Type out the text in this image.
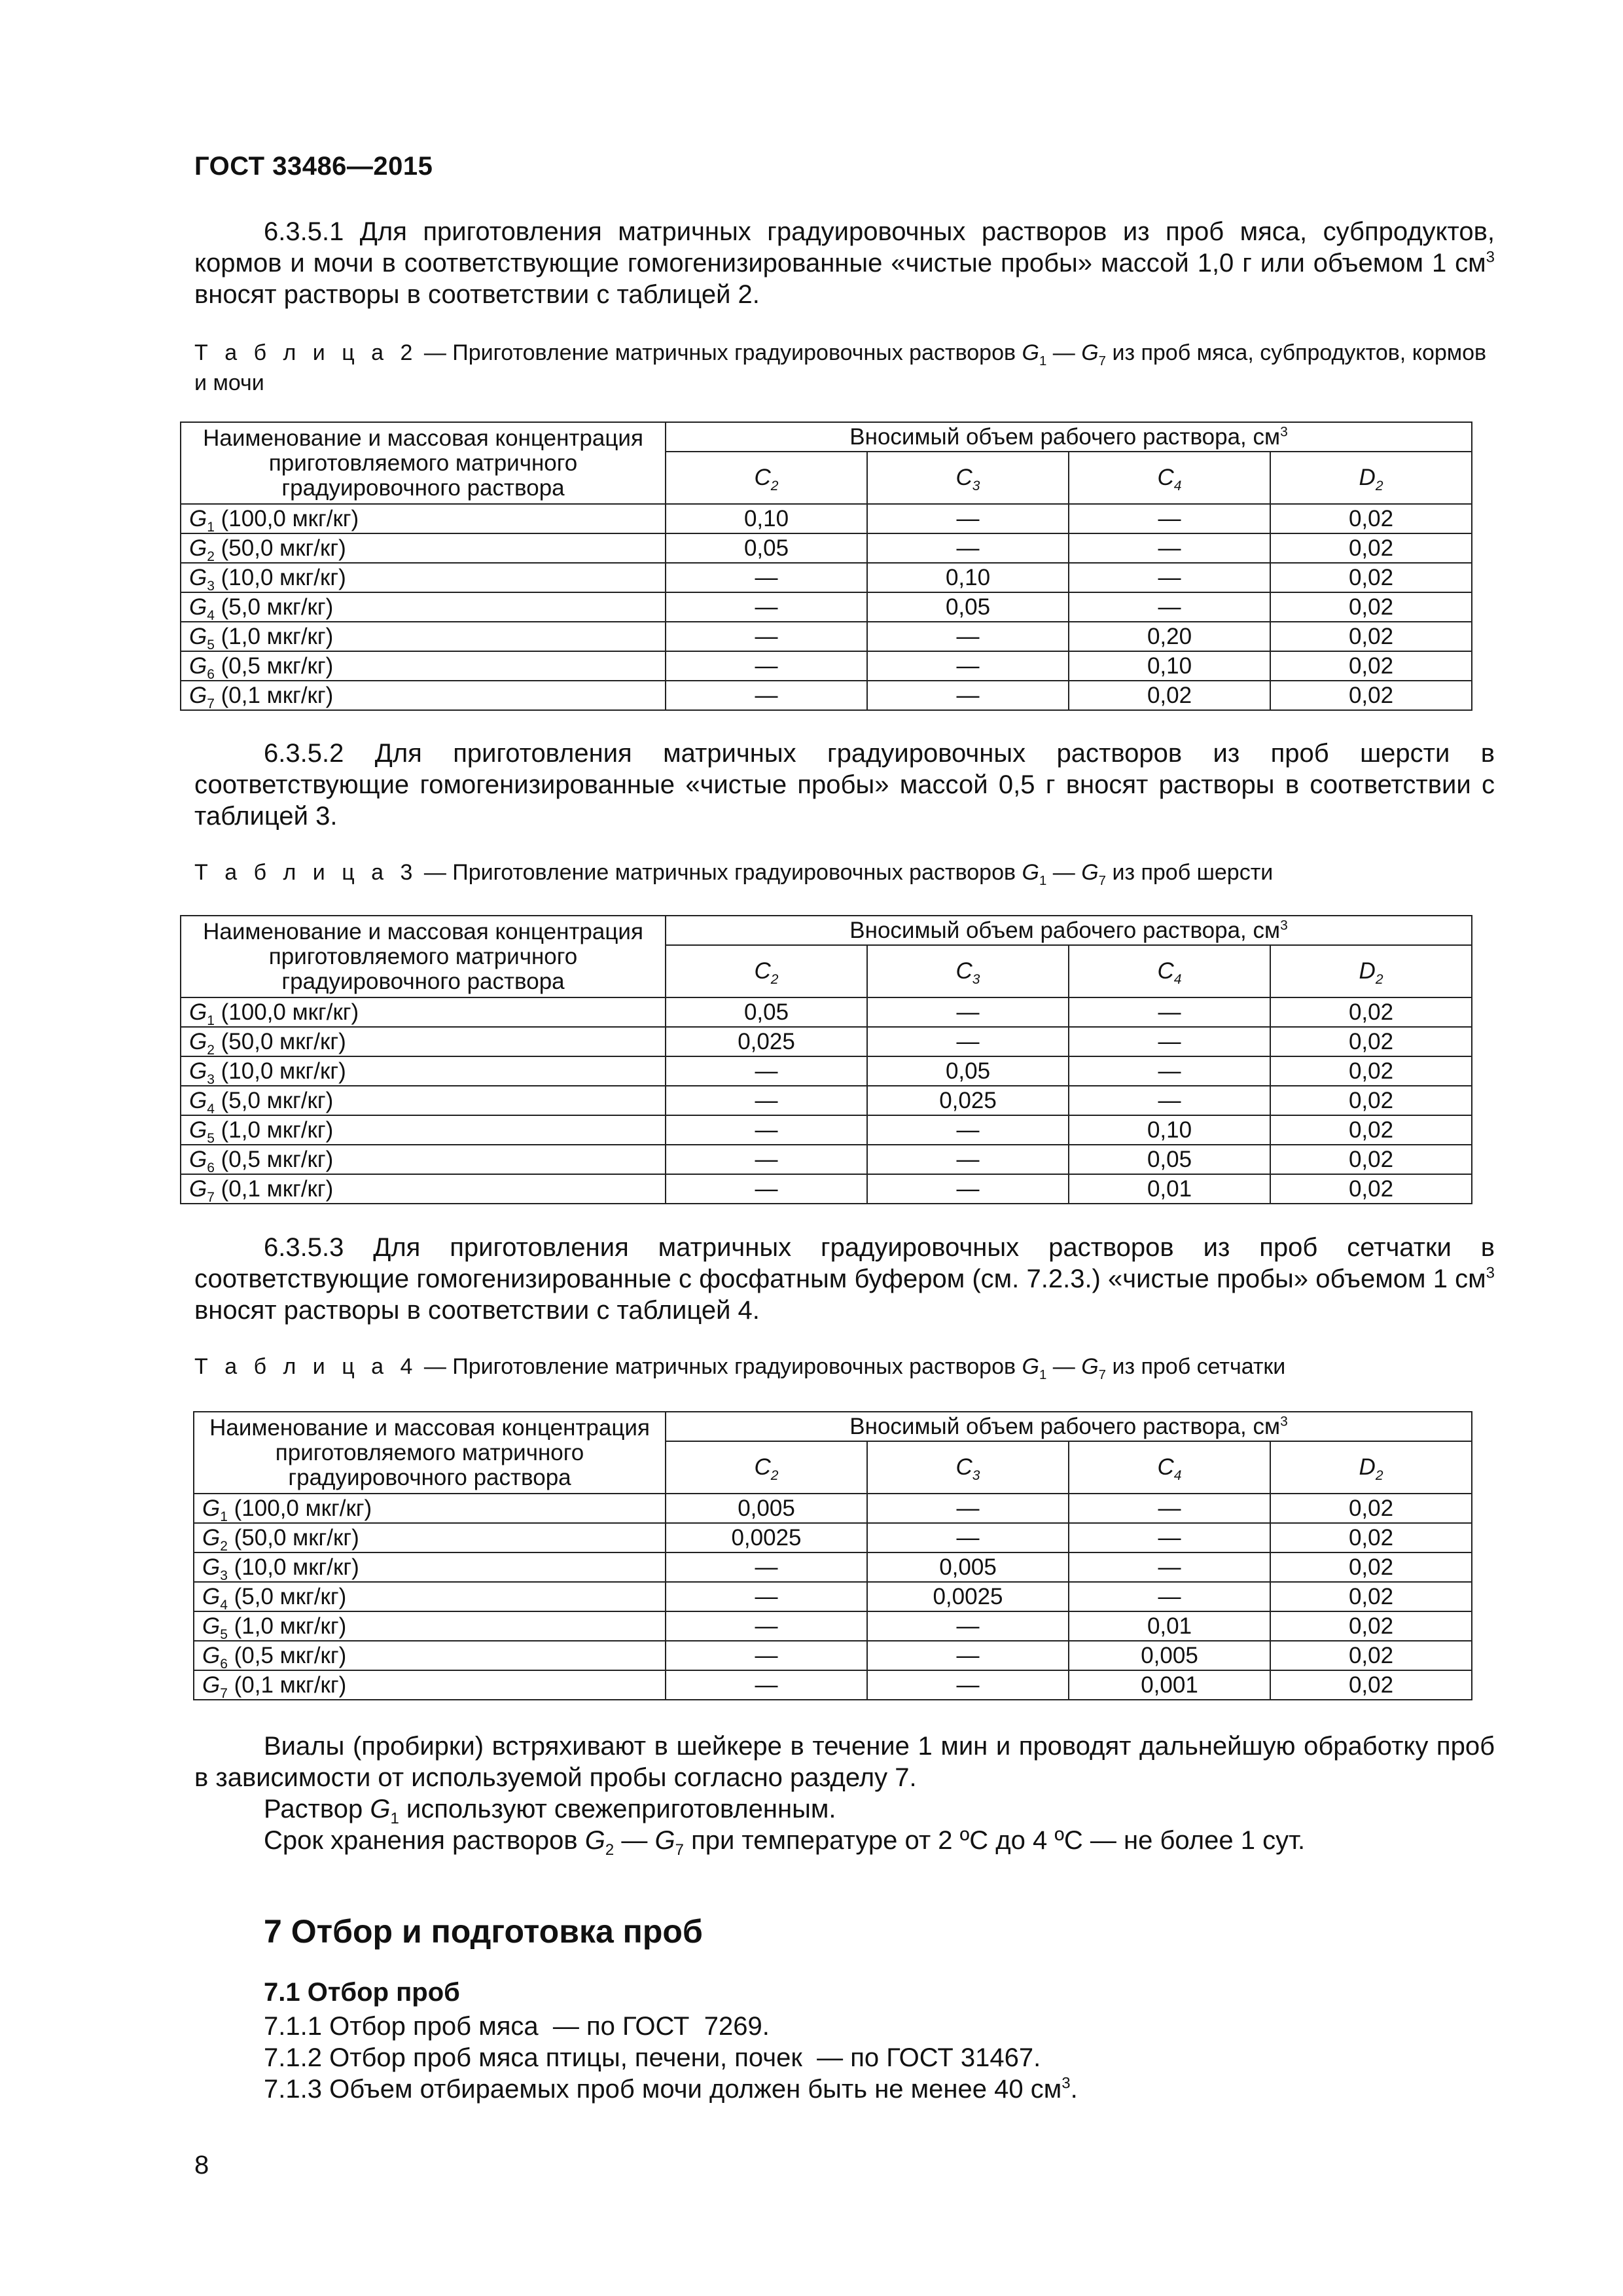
ГОСТ 33486—2015
6.3.5.1 Для приготовления матричных градуировочных растворов из проб мяса, субпродуктов, кормов и мочи в соответствующие гомогенизированные «чистые пробы» массой 1,0 г или объемом 1 $см^3$ вносят растворы в соответствии с таблицей 2.
Т а б л и ц а 2 — Приготовление матричных градуировочных растворов $G_1$ — $G_7$ из проб мяса, субпродуктов, кормов и мочи
Наименование и массовая концентрация приготовляемого матричного градуировочного раствора	Вносимый объем рабочего раствора, $см^3$
	$C_2$	$C_3$	$C_4$	$D_2$
$G_1$ (100,0 мкг/кг)	0,10	—	—	0,02
$G_2$ (50,0 мкг/кг)	0,05	—	—	0,02
$G_3$ (10,0 мкг/кг)	—	0,10	—	0,02
$G_4$ (5,0 мкг/кг)	—	0,05	—	0,02
$G_5$ (1,0 мкг/кг)	—	—	0,20	0,02
$G_6$ (0,5 мкг/кг)	—	—	0,10	0,02
$G_7$ (0,1 мкг/кг)	—	—	0,02	0,02
6.3.5.2 Для приготовления матричных градуировочных растворов из проб шерсти в соответствующие гомогенизированные «чистые пробы» массой 0,5 г вносят растворы в соответствии с таблицей 3.
Т а б л и ц а 3 — Приготовление матричных градуировочных растворов $G_1$ — $G_7$ из проб шерсти
Наименование и массовая концентрация приготовляемого матричного градуировочного раствора	Вносимый объем рабочего раствора, $см^3$
	$C_2$	$C_3$	$C_4$	$D_2$
$G_1$ (100,0 мкг/кг)	0,05	—	—	0,02
$G_2$ (50,0 мкг/кг)	0,025	—	—	0,02
$G_3$ (10,0 мкг/кг)	—	0,05	—	0,02
$G_4$ (5,0 мкг/кг)	—	0,025	—	0,02
$G_5$ (1,0 мкг/кг)	—	—	0,10	0,02
$G_6$ (0,5 мкг/кг)	—	—	0,05	0,02
$G_7$ (0,1 мкг/кг)	—	—	0,01	0,02
6.3.5.3 Для приготовления матричных градуировочных растворов из проб сетчатки в соответствующие гомогенизированные с фосфатным буфером (см. 7.2.3.) «чистые пробы» объемом 1 $см^3$ вносят растворы в соответствии с таблицей 4.
Т а б л и ц а 4 — Приготовление матричных градуировочных растворов $G_1$ — $G_7$ из проб сетчатки
Наименование и массовая концентрация приготовляемого матричного градуировочного раствора	Вносимый объем рабочего раствора, $см^3$
	$C_2$	$C_3$	$C_4$	$D_2$
$G_1$ (100,0 мкг/кг)	0,005	—	—	0,02
$G_2$ (50,0 мкг/кг)	0,0025	—	—	0,02
$G_3$ (10,0 мкг/кг)	—	0,005	—	0,02
$G_4$ (5,0 мкг/кг)	—	0,0025	—	0,02
$G_5$ (1,0 мкг/кг)	—	—	0,01	0,02
$G_6$ (0,5 мкг/кг)	—	—	0,005	0,02
$G_7$ (0,1 мкг/кг)	—	—	0,001	0,02
Виалы (пробирки) встряхивают в шейкере в течение 1 мин и проводят дальнейшую обработку проб в зависимости от используемой пробы согласно разделу 7.
Раствор $G_1$ используют свежеприготовленным.
Срок хранения растворов $G_2$ — $G_7$ при температуре от 2 ºС до 4 ºС — не более 1 сут.
7 Отбор и подготовка проб
7.1 Отбор проб
7.1.1 Отбор проб мяса  — по ГОСТ  7269.
7.1.2 Отбор проб мяса птицы, печени, почек  — по ГОСТ 31467.
7.1.3 Объем отбираемых проб мочи должен быть не менее 40 $см^3$.
8
